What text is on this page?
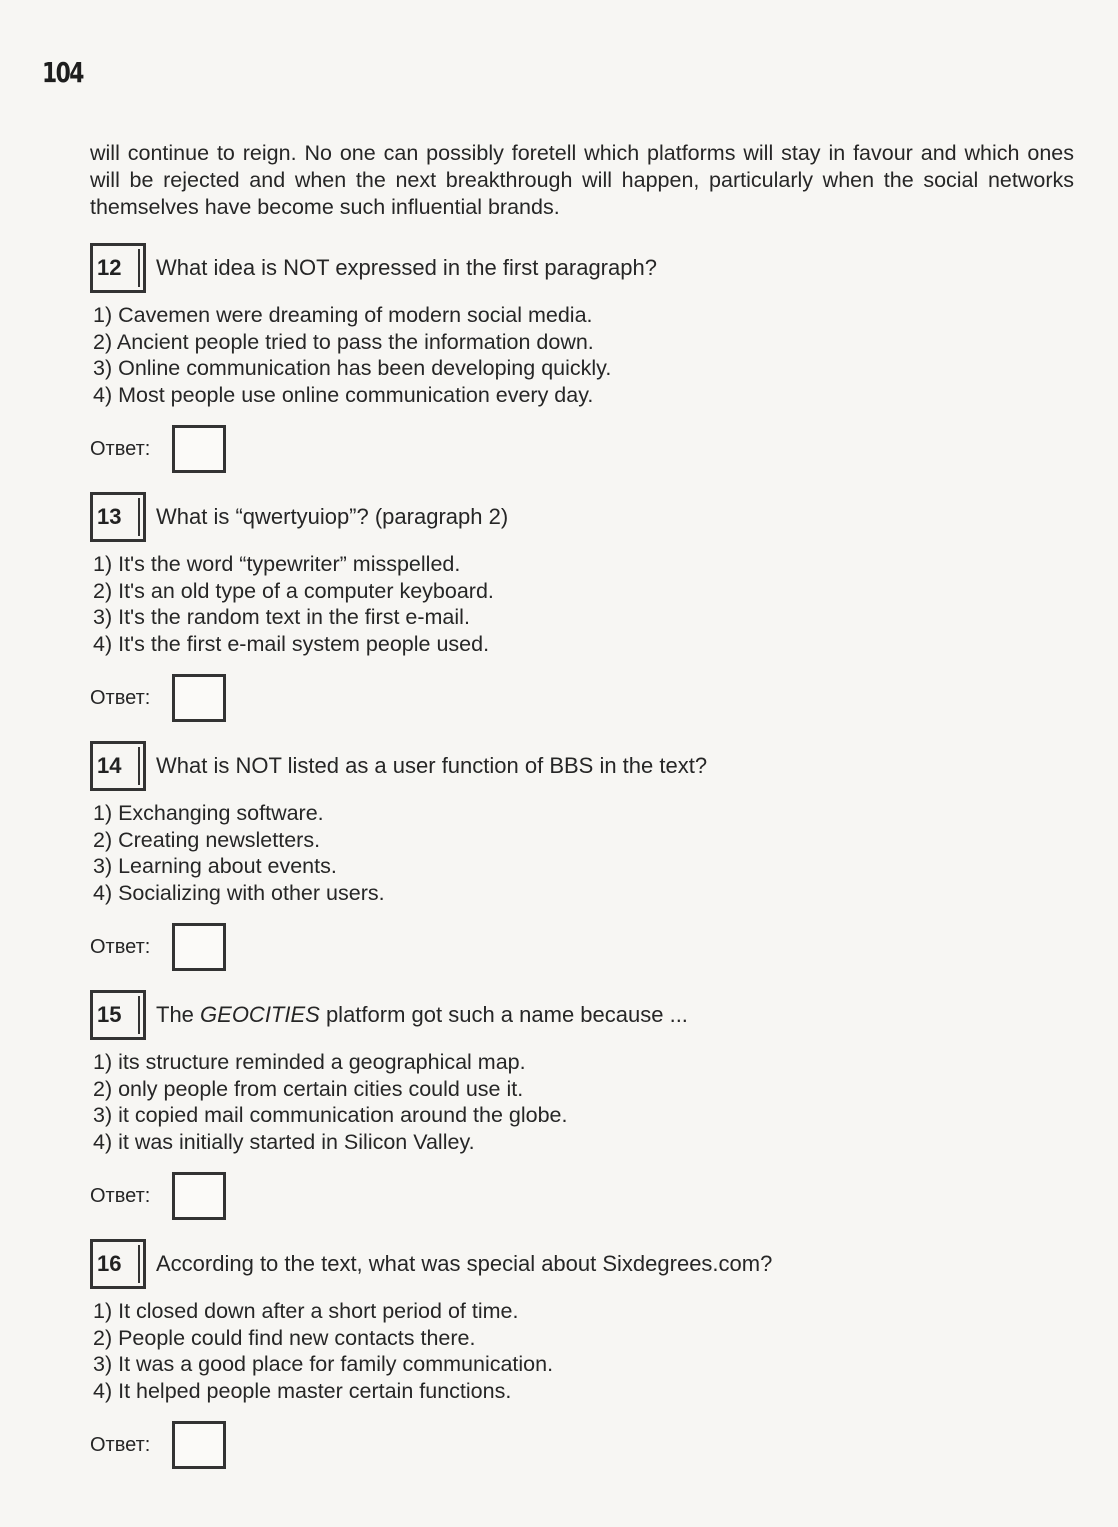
104

will continue to reign. No one can possibly foretell which platforms will stay in favour and which ones will be rejected and when the next breakthrough will happen, particularly when the social networks themselves have become such influential brands.

12 What idea is NOT expressed in the first paragraph?
1) Cavemen were dreaming of modern social media.
2) Ancient people tried to pass the information down.
3) Online communication has been developing quickly.
4) Most people use online communication every day.
Ответ:
13 What is “qwertyuiop”? (paragraph 2)
1) It's the word “typewriter” misspelled.
2) It's an old type of a computer keyboard.
3) It's the random text in the first e-mail.
4) It's the first e-mail system people used.
Ответ:
14 What is NOT listed as a user function of BBS in the text?
1) Exchanging software.
2) Creating newsletters.
3) Learning about events.
4) Socializing with other users.
Ответ:
15 The GEOCITIES platform got such a name because ...
1) its structure reminded a geographical map.
2) only people from certain cities could use it.
3) it copied mail communication around the globe.
4) it was initially started in Silicon Valley.
Ответ:
16 According to the text, what was special about Sixdegrees.com?
1) It closed down after a short period of time.
2) People could find new contacts there.
3) It was a good place for family communication.
4) It helped people master certain functions.
Ответ:
